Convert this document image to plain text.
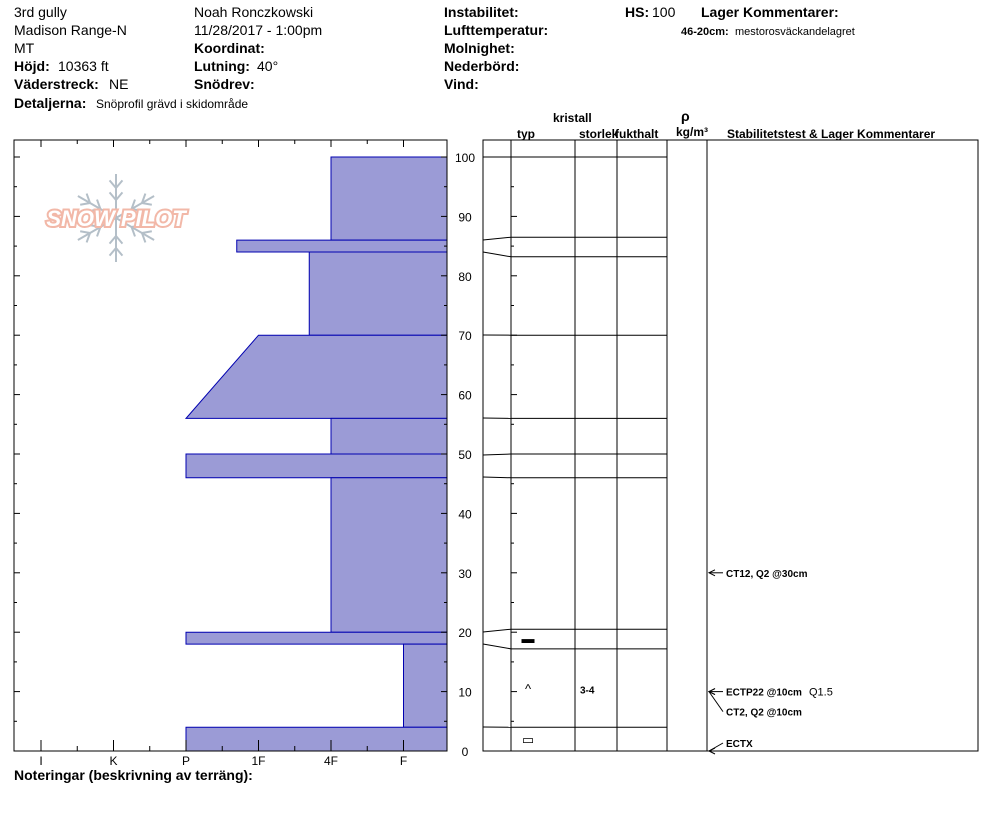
3rd gully
Madison Range-N
MT
Höjd: 10363 ft
Väderstreck: NE
Detaljerna: Snöprofil grävd i skidområde
Noah Ronczkowski
11/28/2017 - 1:00pm
Koordinat:
Lutning: 40°
Snödrev:
Instabilitet:
Lufttemperatur:
Molnighet:
Nederbörd:
Vind:
HS: 100 Lager Kommentarer:
46-20cm: mestorosväckandelagret
kristall
typ	storlek
fukthalt
ρ
kg/m³ Stabilitetstest & Lager Kommentarer
Noteringar (beskrivning av terräng):
SNOW PILOT
I	K	P	1F	4F	F
0
10
20
30
40
50
60
70
80
90
100
▬
^	3-4
▭
CT12, Q2 @30cm
ECTP22 @10cm Q1.5
CT2, Q2 @10cm
ECTX
